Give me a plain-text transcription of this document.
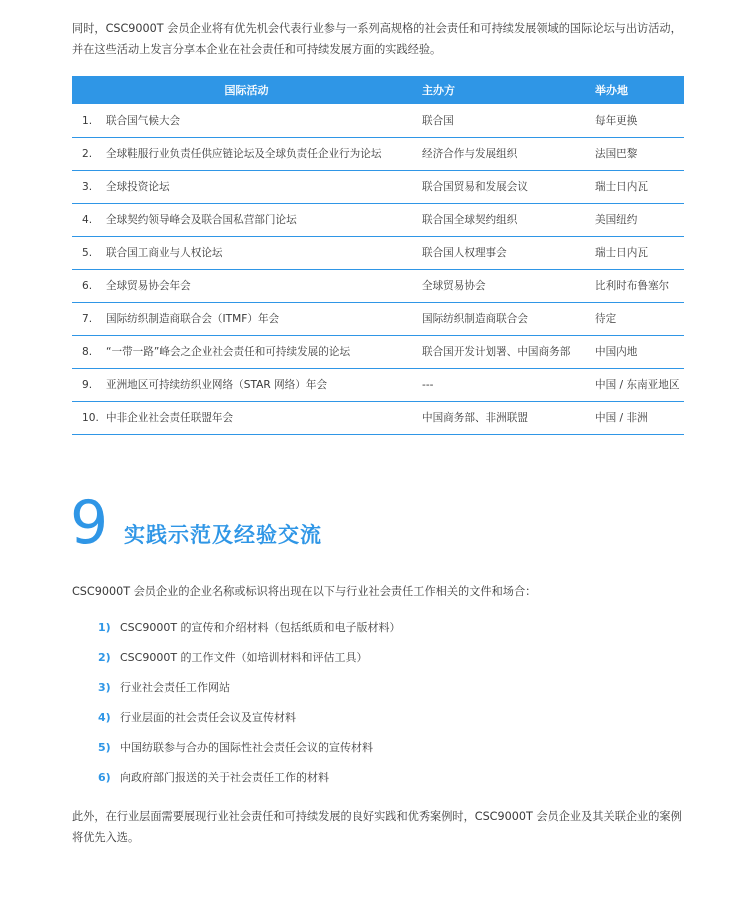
同时，CSC9000T 会员企业将有优先机会代表行业参与一系列高规格的社会责任和可持续发展领域的国际论坛与出访活动，并在这些活动上发言分享本企业在社会责任和可持续发展方面的实践经验。

国际活动	主办方	举办地
1. 联合国气候大会	联合国	每年更换
2. 全球鞋服行业负责任供应链论坛及全球负责任企业行为论坛	经济合作与发展组织	法国巴黎
3. 全球投资论坛	联合国贸易和发展会议	瑞士日内瓦
4. 全球契约领导峰会及联合国私营部门论坛	联合国全球契约组织	美国纽约
5. 联合国工商业与人权论坛	联合国人权理事会	瑞士日内瓦
6. 全球贸易协会年会	全球贸易协会	比利时布鲁塞尔
7. 国际纺织制造商联合会（ITMF）年会	国际纺织制造商联合会	待定
8. “一带一路”峰会之企业社会责任和可持续发展的论坛	联合国开发计划署、中国商务部	中国内地
9. 亚洲地区可持续纺织业网络（STAR 网络）年会	---	中国 / 东南亚地区
10. 中非企业社会责任联盟年会	中国商务部、非洲联盟	中国 / 非洲
9 实践示范及经验交流

CSC9000T 会员企业的企业名称或标识将出现在以下与行业社会责任工作相关的文件和场合：

1) CSC9000T 的宣传和介绍材料（包括纸质和电子版材料）
2) CSC9000T 的工作文件（如培训材料和评估工具）
3) 行业社会责任工作网站
4) 行业层面的社会责任会议及宣传材料
5) 中国纺联参与合办的国际性社会责任会议的宣传材料
6) 向政府部门报送的关于社会责任工作的材料

此外，在行业层面需要展现行业社会责任和可持续发展的良好实践和优秀案例时，CSC9000T 会员企业及其关联企业的案例将优先入选。
